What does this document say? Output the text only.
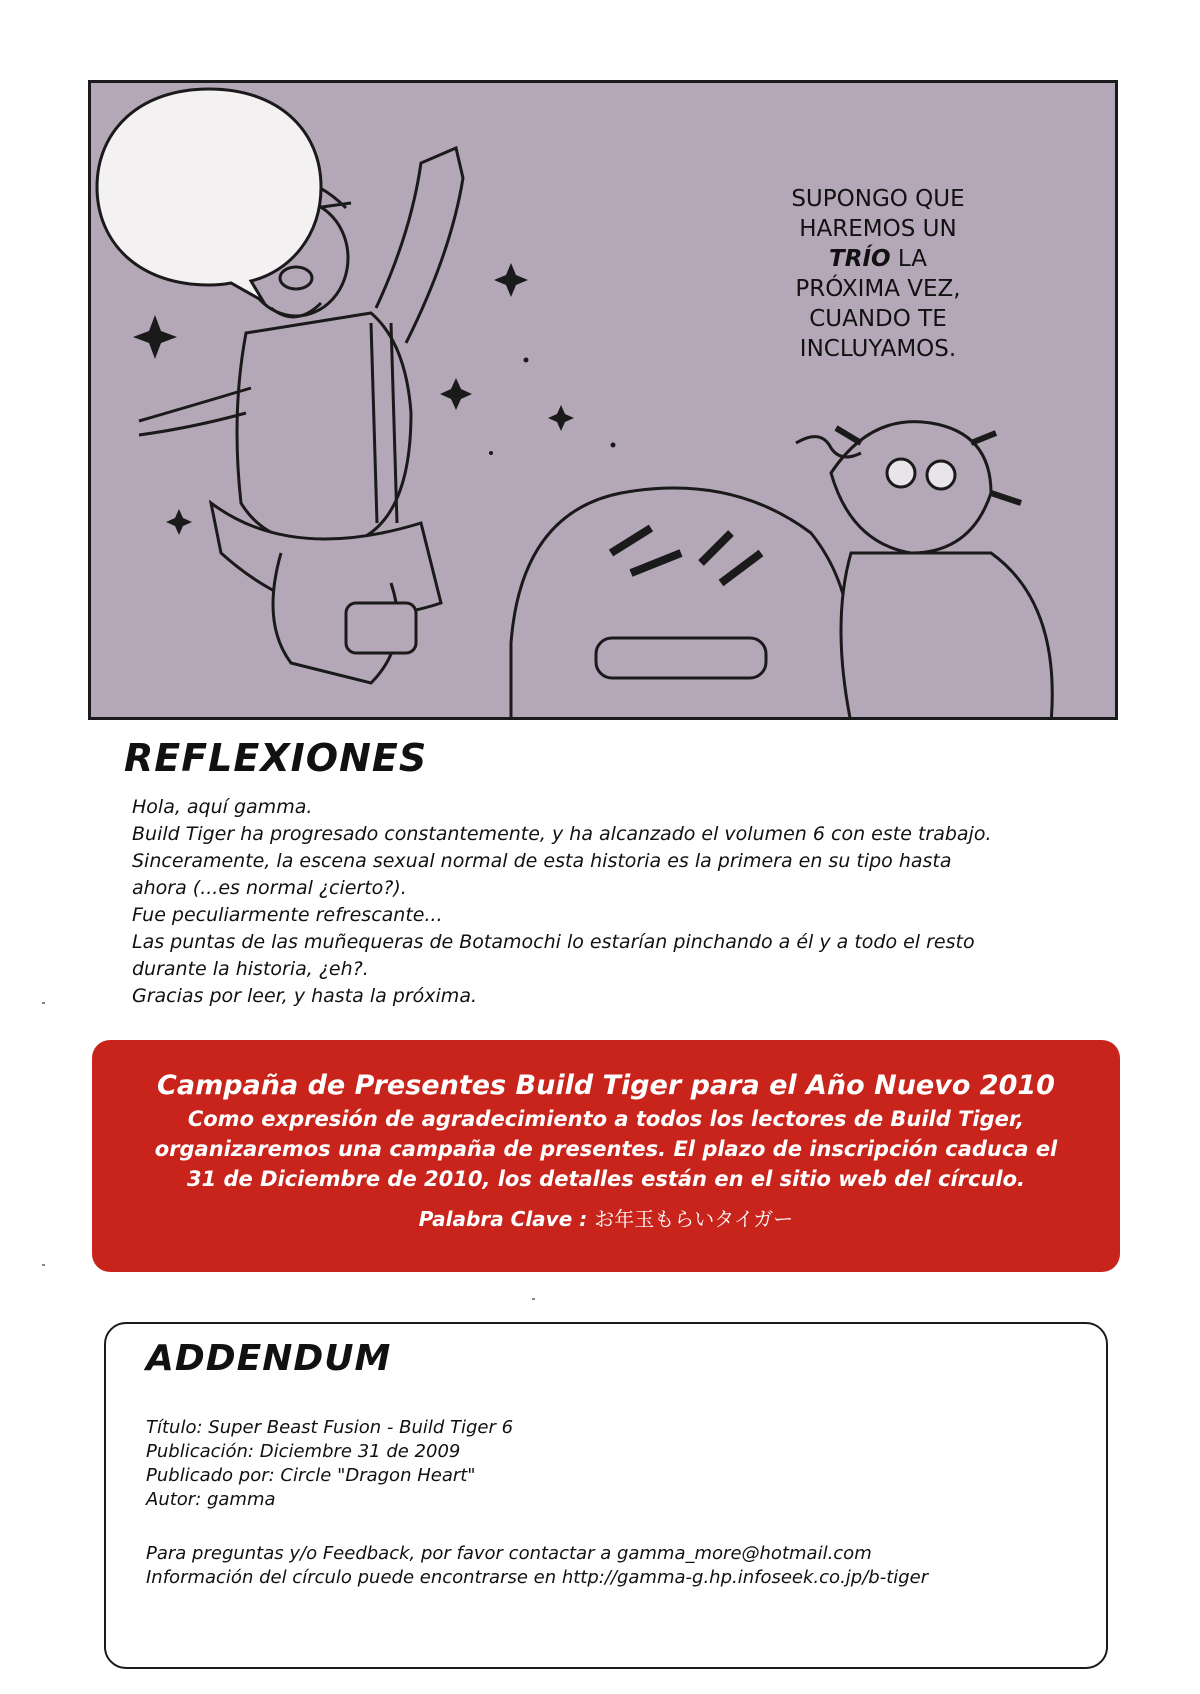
SUPONGO QUE HAREMOS UN TRÍO LA PRÓXIMA VEZ, CUANDO TE INCLUYAMOS.

REFLEXIONES
Hola, aquí gamma.
Build Tiger ha progresado constantemente, y ha alcanzado el volumen 6 con este trabajo.
Sinceramente, la escena sexual normal de esta historia es la primera en su tipo hasta
ahora (...es normal ¿cierto?).
Fue peculiarmente refrescante...
Las puntas de las muñequeras de Botamochi lo estarían pinchando a él y a todo el resto
durante la historia, ¿eh?.
Gracias por leer, y hasta la próxima.
Campaña de Presentes Build Tiger para el Año Nuevo 2010

Como expresión de agradecimiento a todos los lectores de Build Tiger,

organizaremos una campaña de presentes. El plazo de inscripción caduca el

31 de Diciembre de 2010, los detalles están en el sitio web del círculo.

Palabra Clave : お年玉もらいタイガー

ADDENDUM
Título: Super Beast Fusion - Build Tiger 6
Publicación: Diciembre 31 de 2009
Publicado por: Circle "Dragon Heart"
Autor: gamma
Para preguntas y/o Feedback, por favor contactar a gamma_more@hotmail.com
Información del círculo puede encontrarse en http://gamma-g.hp.infoseek.co.jp/b-tiger
